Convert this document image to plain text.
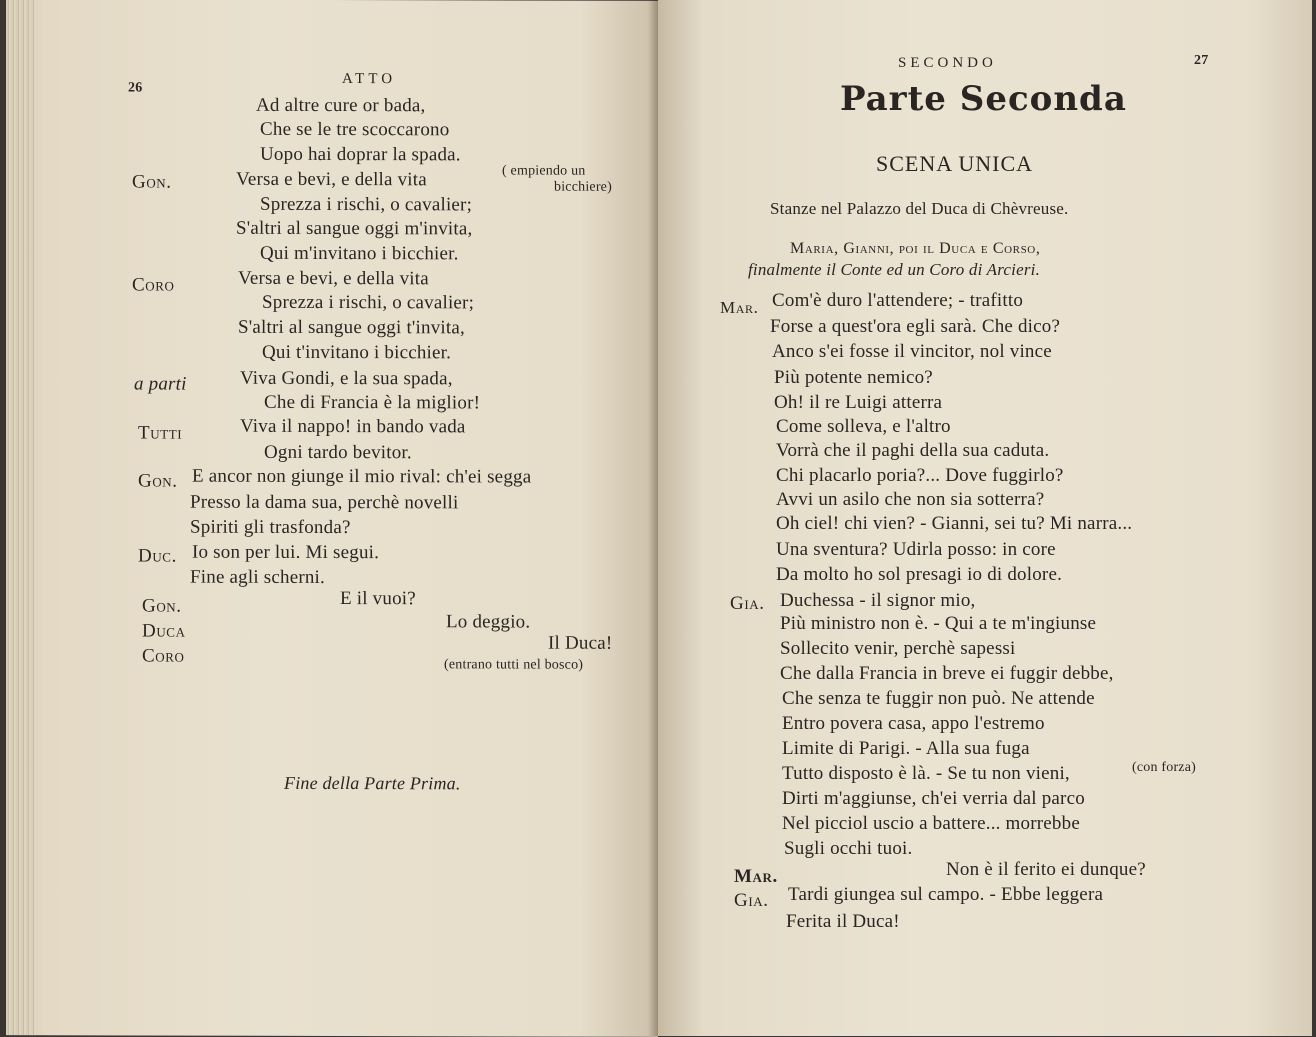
26
ATTO
Ad altre cure or bada,
Che se le tre scoccarono
Uopo hai doprar la spada.
Gon.	Versa e bevi, e della vita	( empiendo un
bicchiere)
Sprezza i rischi, o cavalier;
S'altri al sangue oggi m'invita,
Qui m'invitano i bicchier.
Coro	Versa e bevi, e della vita
Sprezza i rischi, o cavalier;
S'altri al sangue oggi t'invita,
Qui t'invitano i bicchier.
a parti	Viva Gondi, e la sua spada,
Che di Francia è la miglior!
Tutti	Viva il nappo! in bando vada
Ogni tardo bevitor.
Gon. E ancor non giunge il mio rival: ch'ei segga
Presso la dama sua, perchè novelli
Spiriti gli trasfonda?
Duc. Io son per lui. Mi segui.
Fine agli scherni.
Gon.	E il vuoi?
Duca	Lo deggio.
Coro
Il Duca!
(entrano tutti nel bosco)
Fine della Parte Prima.
SECONDO	27
Parte Seconda
SCENA UNICA
Stanze nel Palazzo del Duca di Chèvreuse.
Maria, Gianni, poi il Duca e Corso,
finalmente il Conte ed un Coro di Arcieri.
Mar. Com'è duro l'attendere; - trafitto
Forse a quest'ora egli sarà. Che dico?
Anco s'ei fosse il vincitor, nol vince
Più potente nemico?
Oh! il re Luigi atterra
Come solleva, e l'altro
Vorrà che il paghi della sua caduta.
Chi placarlo poria?... Dove fuggirlo?
Avvi un asilo che non sia sotterra?
Oh ciel! chi vien? - Gianni, sei tu? Mi narra...
Una sventura? Udirla posso: in core
Da molto ho sol presagi io di dolore.
Gia. Duchessa - il signor mio,
Più ministro non è. - Qui a te m'ingiunse
Sollecito venir, perchè sapessi
Che dalla Francia in breve ei fuggir debbe,
Che senza te fuggir non può. Ne attende
Entro povera casa, appo l'estremo
Limite di Parigi. - Alla sua fuga
Tutto disposto è là. - Se tu non vieni,	(con forza)
Dirti m'aggiunse, ch'ei verria dal parco
Nel picciol uscio a battere... morrebbe
Sugli occhi tuoi.
Mar.	Non è il ferito ei dunque?
Gia. Tardi giungea sul campo. - Ebbe leggera
Ferita il Duca!
